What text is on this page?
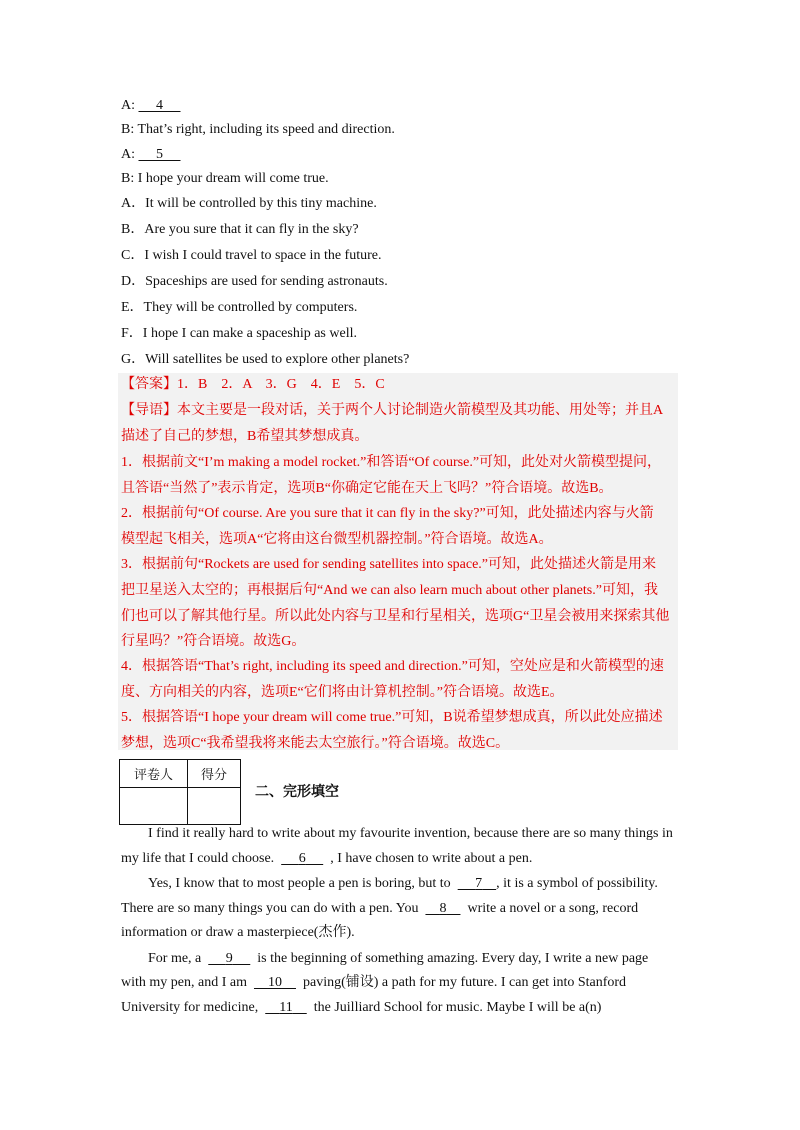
A: 4
B: That’s right, including its speed and direction.
A: 5
B: I hope your dream will come true.
A．It will be controlled by this tiny machine.
B．Are you sure that it can fly in the sky?
C．I wish I could travel to space in the future.
D．Spaceships are used for sending astronauts.
E．They will be controlled by computers.
F．I hope I can make a spaceship as well.
G．Will satellites be used to explore other planets?
【答案】1．B　2．A　3．G　4．E　5．C
【导语】本文主要是一段对话，关于两个人讨论制造火箭模型及其功能、用处等；并且A
描述了自己的梦想，B希望其梦想成真。
1．根据前文“I’m making a model rocket.”和答语“Of course.”可知，此处对火箭模型提问，
且答语“当然了”表示肯定，选项B“你确定它能在天上飞吗？”符合语境。故选B。
2．根据前句“Of course. Are you sure that it can fly in the sky?”可知，此处描述内容与火箭
模型起飞相关，选项A“它将由这台微型机器控制。”符合语境。故选A。
3．根据前句“Rockets are used for sending satellites into space.”可知，此处描述火箭是用来
把卫星送入太空的；再根据后句“And we can also learn much about other planets.”可知，我
们也可以了解其他行星。所以此处内容与卫星和行星相关，选项G“卫星会被用来探索其他
行星吗？”符合语境。故选G。
4．根据答语“That’s right, including its speed and direction.”可知，空处应是和火箭模型的速
度、方向相关的内容，选项E“它们将由计算机控制。”符合语境。故选E。
5．根据答语“I hope your dream will come true.”可知，B说希望梦想成真，所以此处应描述
梦想，选项C“我希望我将来能去太空旅行。”符合语境。故选C。
评卷人	得分

二、完形填空
I find it really hard to write about my favourite invention, because there are so many things in
my life that I could choose. 6 , I have chosen to write about a pen.
Yes, I know that to most people a pen is boring, but to 7 , it is a symbol of possibility.
There are so many things you can do with a pen. You 8 write a novel or a song, record
information or draw a masterpiece(杰作).
For me, a 9 is the beginning of something amazing. Every day, I write a new page
with my pen, and I am 10 paving(铺设) a path for my future. I can get into Stanford
University for medicine, 11 the Juilliard School for music. Maybe I will be a(n)
